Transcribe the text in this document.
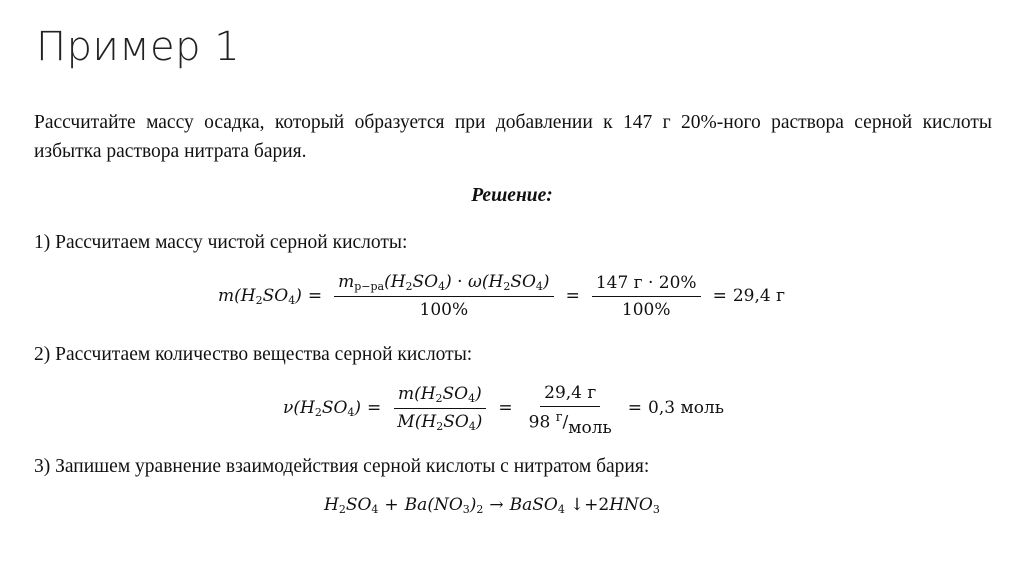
Пример 1
Рассчитайте массу осадка, который образуется при добавлении к 147 г 20%-ного раствора серной кислоты избытка раствора нитрата бария.
Решение:
1) Рассчитаем массу чистой серной кислоты:
$m(H2SO4) = \frac{mр-ра(H2SO4) \cdot \omega(H2SO4)}{100\%} = \frac{147 г \cdot 20\%}{100\%} = 29,4$ г
2) Рассчитаем количество вещества серной кислоты:
$\nu(H2SO4) = \frac{m(H2SO4)}{M(H2SO4)} = \frac{29,4 г}{98 ^г/моль} = 0,3$ моль
3) Запишем уравнение взаимодействия серной кислоты с нитратом бария:
H2SO4 + Ba(NO3)2 → BaSO4 ↓ +2 HNO3
